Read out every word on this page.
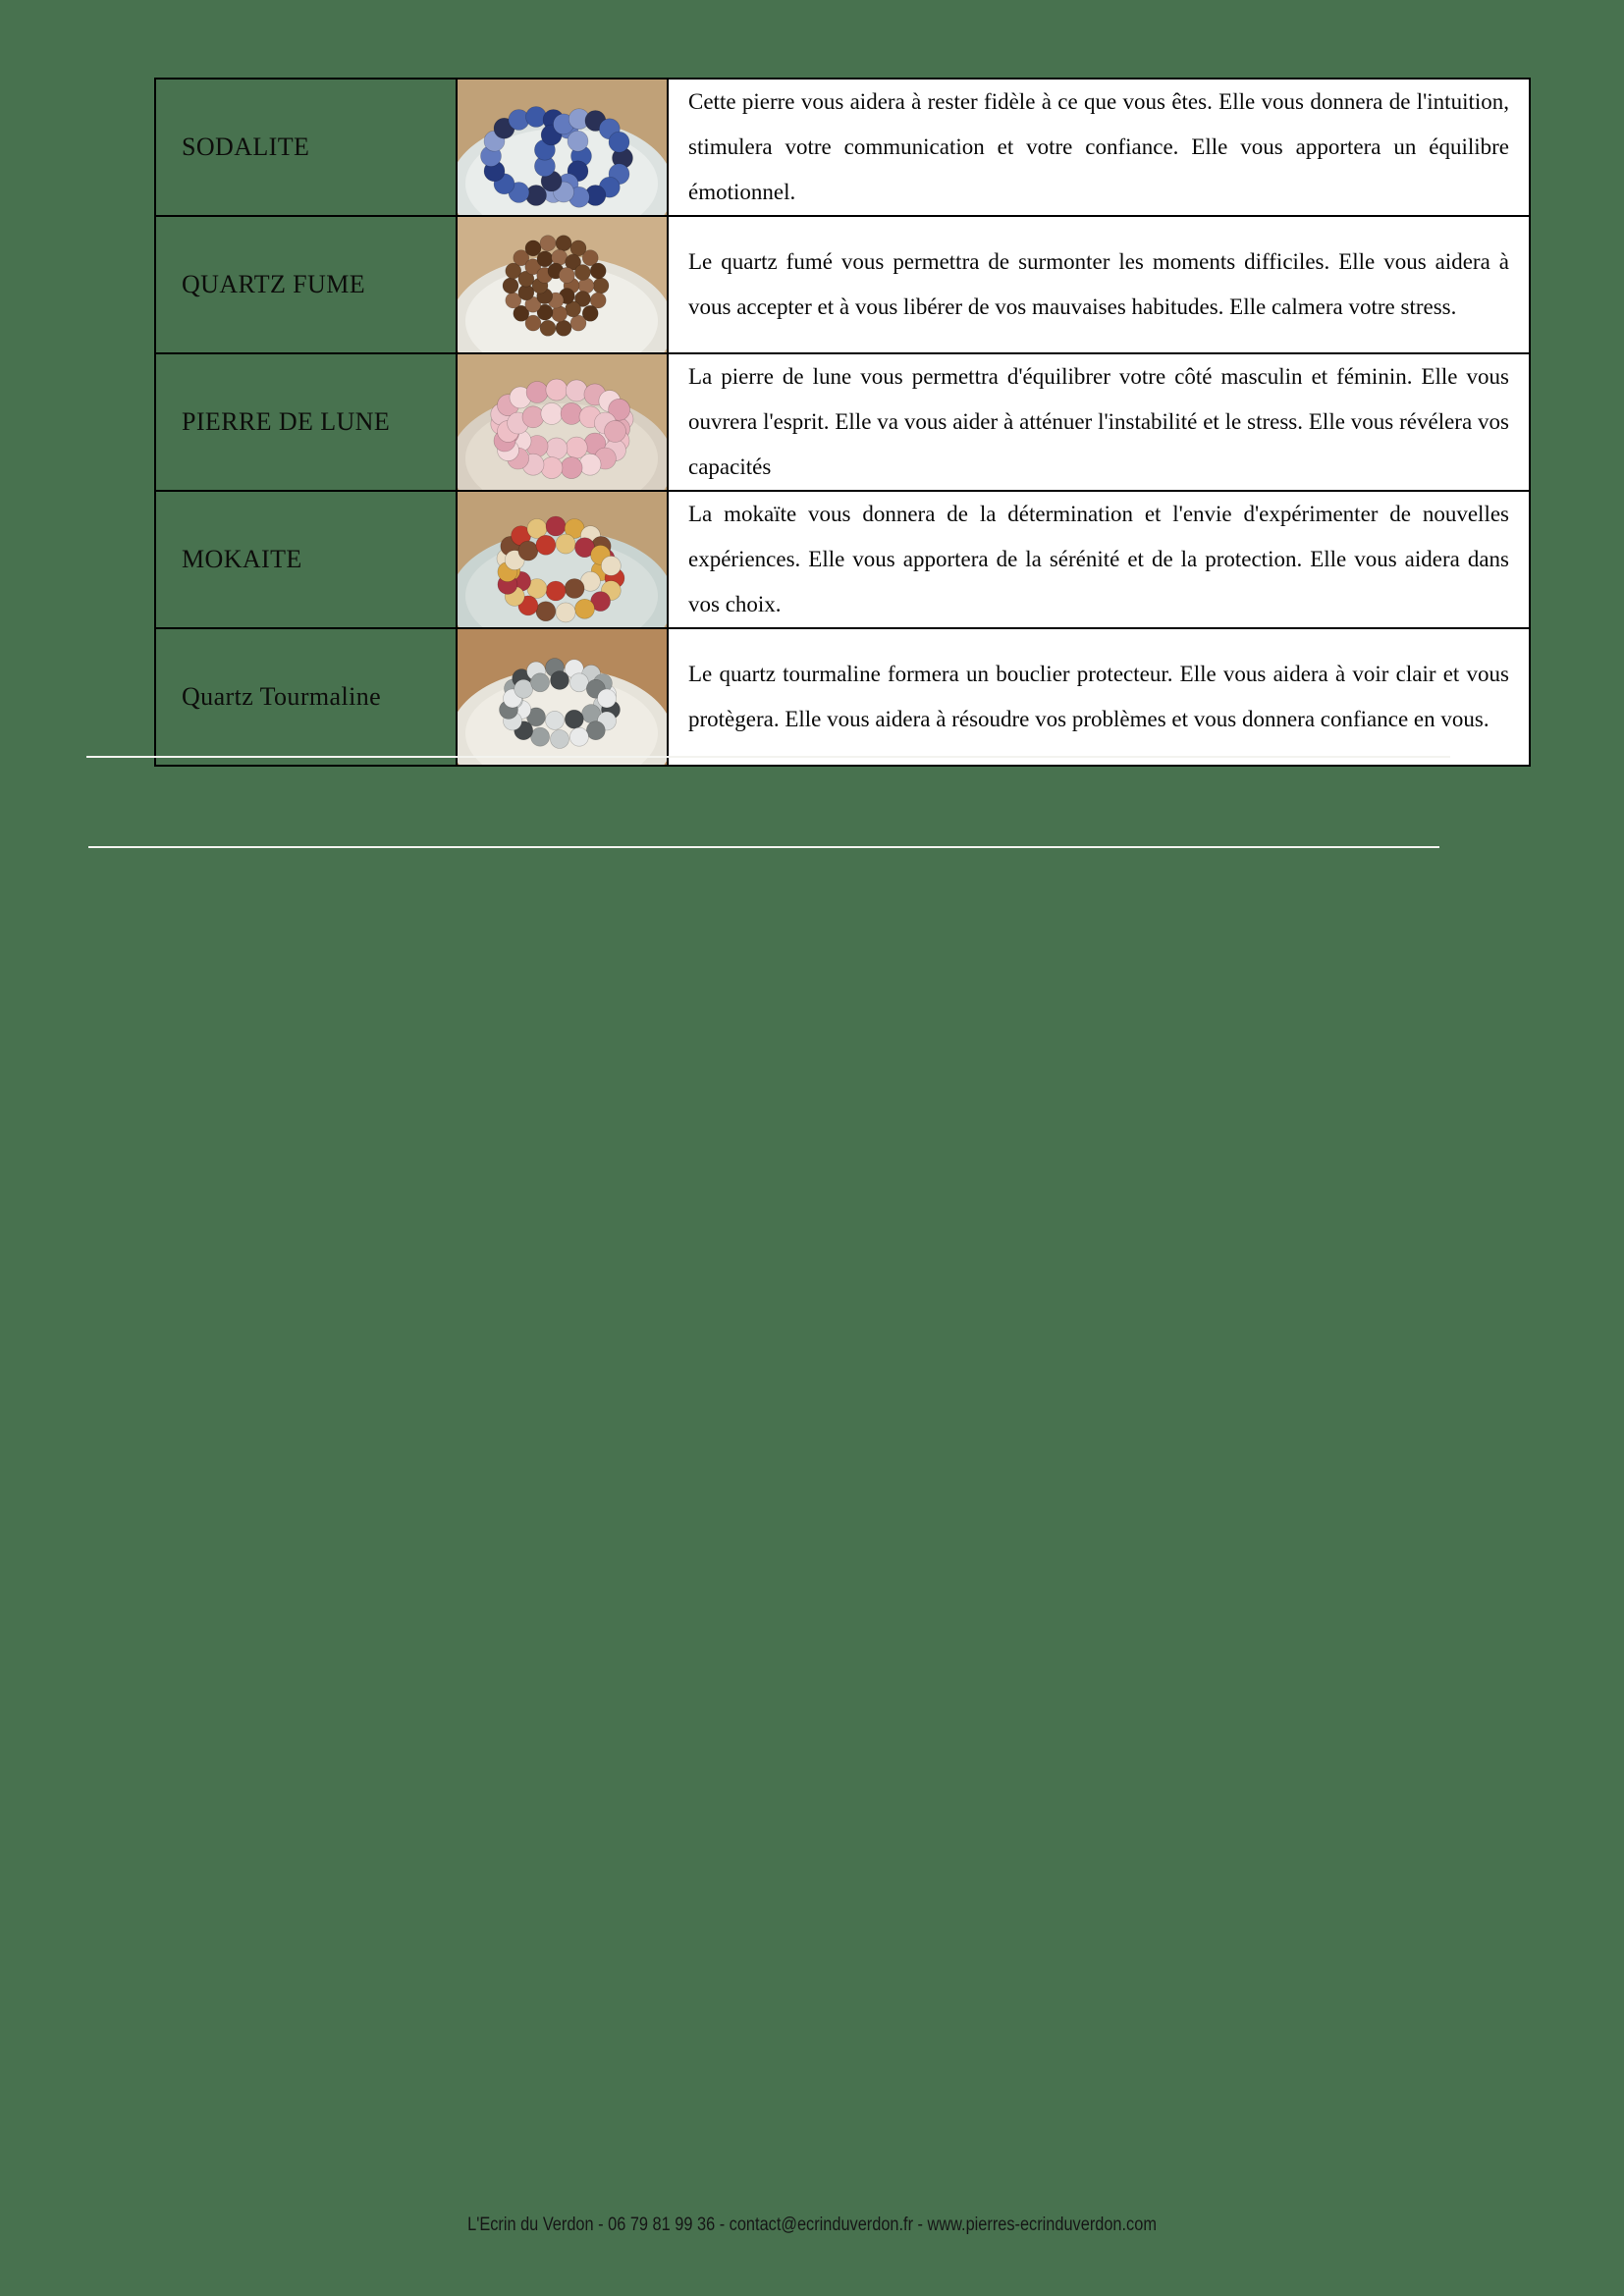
SODALITE		Cette pierre vous aidera à rester fidèle à ce que vous êtes. Elle vous donnera de l'intuition, stimulera votre communication et votre confiance. Elle vous apportera un équilibre émotionnel.
QUARTZ FUME		Le quartz fumé vous permettra de surmonter les moments difficiles. Elle vous aidera à vous accepter et à vous libérer de vos mauvaises habitudes. Elle calmera votre stress.
PIERRE DE LUNE		La pierre de lune vous permettra d'équilibrer votre côté masculin et féminin. Elle vous ouvrera l'esprit. Elle va vous aider à atténuer l'instabilité et le stress. Elle vous révélera vos capacités
MOKAITE		La mokaïte vous donnera de la détermination et l'envie d'expérimenter de nouvelles expériences. Elle vous apportera de la sérénité et de la protection. Elle vous aidera dans vos choix.
Quartz Tourmaline		Le quartz tourmaline formera un bouclier protecteur. Elle vous aidera à voir clair et vous protègera. Elle vous aidera à résoudre vos problèmes et vous donnera confiance en vous.
L'Ecrin du Verdon - 06 79 81 99 36 - contact@ecrinduverdon.fr - www.pierres-ecrinduverdon.com
